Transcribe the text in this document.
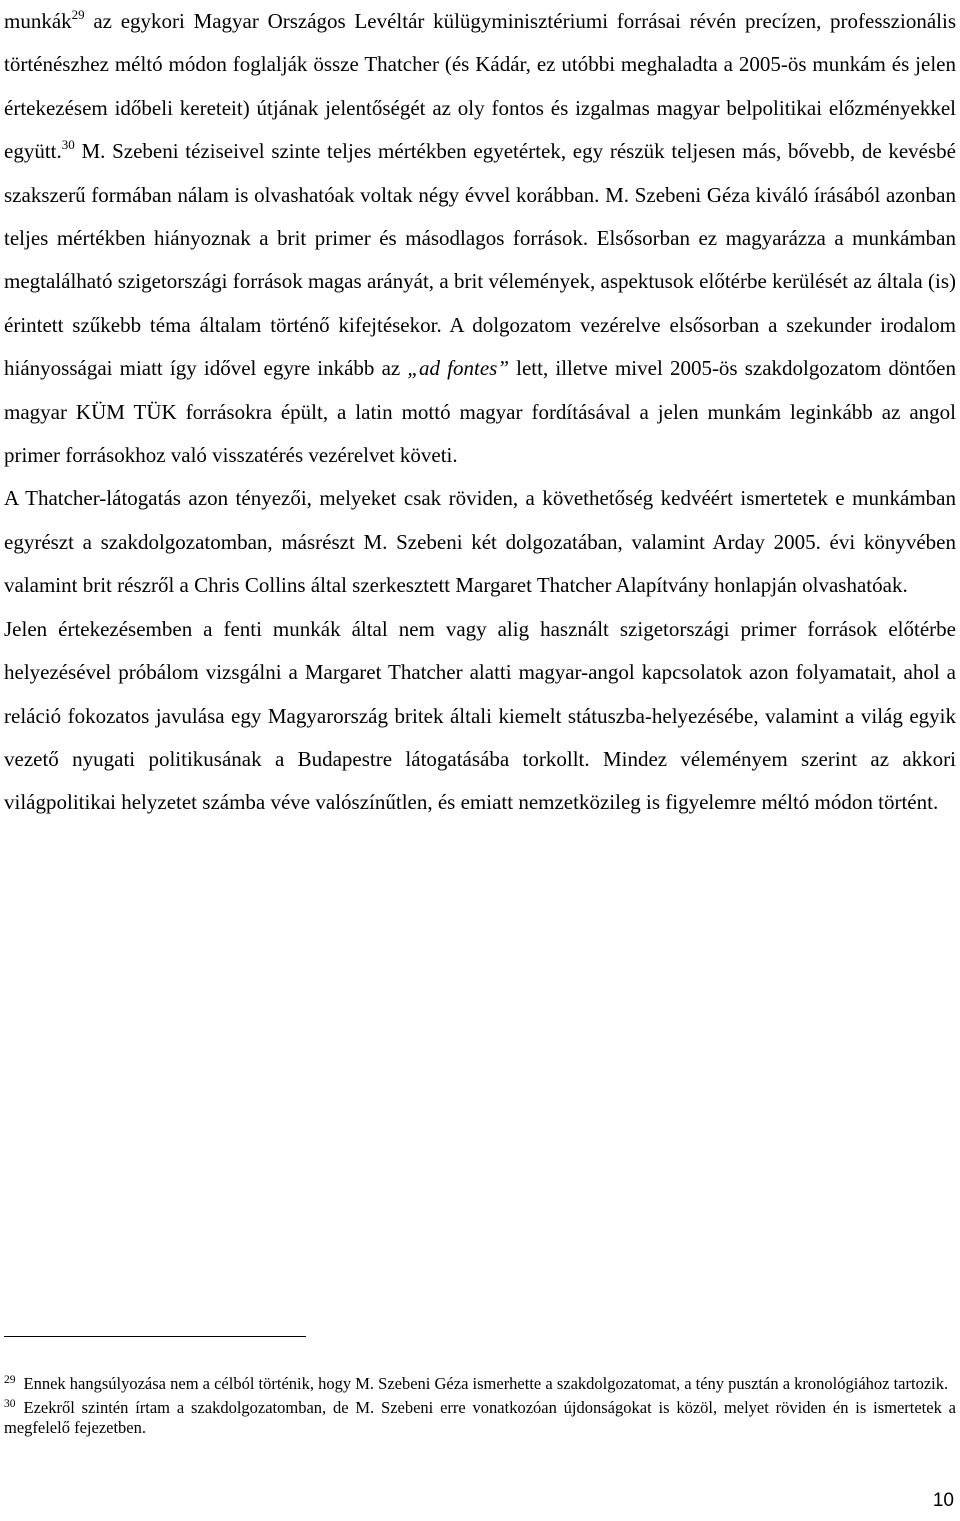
munkák$^{29}$ az egykori Magyar Országos Levéltár külügyminisztériumi forrásai révén precízen, professzionális történészhez méltó módon foglalják össze Thatcher (és Kádár, ez utóbbi meghaladta a 2005-ös munkám és jelen értekezésem időbeli kereteit) útjának jelentőségét az oly fontos és izgalmas magyar belpolitikai előzményekkel együtt.$^{30}$ M. Szebeni téziseivel szinte teljes mértékben egyetértek, egy részük teljesen más, bővebb, de kevésbé szakszerű formában nálam is olvashatóak voltak négy évvel korábban. M. Szebeni Géza kiváló írásából azonban teljes mértékben hiányoznak a brit primer és másodlagos források. Elsősorban ez magyarázza a munkámban megtalálható szigetországi források magas arányát, a brit vélemények, aspektusok előtérbe kerülését az általa (is) érintett szűkebb téma általam történő kifejtésekor. A dolgozatom vezérelve elsősorban a szekunder irodalom hiányosságai miatt így idővel egyre inkább az „ad fontes” lett, illetve mivel 2005-ös szakdolgozatom döntően magyar KÜM TÜK forrásokra épült, a latin mottó magyar fordításával a jelen munkám leginkább az angol primer forrásokhoz való visszatérés vezérelvet követi.

A Thatcher-látogatás azon tényezői, melyeket csak röviden, a követhetőség kedvéért ismertetek e munkámban egyrészt a szakdolgozatomban, másrészt M. Szebeni két dolgozatában, valamint Arday 2005. évi könyvében valamint brit részről a Chris Collins által szerkesztett Margaret Thatcher Alapítvány honlapján olvashatóak.

Jelen értekezésemben a fenti munkák által nem vagy alig használt szigetországi primer források előtérbe helyezésével próbálom vizsgálni a Margaret Thatcher alatti magyar-angol kapcsolatok azon folyamatait, ahol a reláció fokozatos javulása egy Magyarország britek általi kiemelt státuszba-helyezésébe, valamint a világ egyik vezető nyugati politikusának a Budapestre látogatásába torkollt. Mindez véleményem szerint az akkori világpolitikai helyzetet számba véve valószínűtlen, és emiatt nemzetközileg is figyelemre méltó módon történt.

$^{29}$ Ennek hangsúlyozása nem a célból történik, hogy M. Szebeni Géza ismerhette a szakdolgozatomat, a tény pusztán a kronológiához tartozik.

$^{30}$ Ezekről szintén írtam a szakdolgozatomban, de M. Szebeni erre vonatkozóan újdonságokat is közöl, melyet röviden én is ismertetek a megfelelő fejezetben.

10
